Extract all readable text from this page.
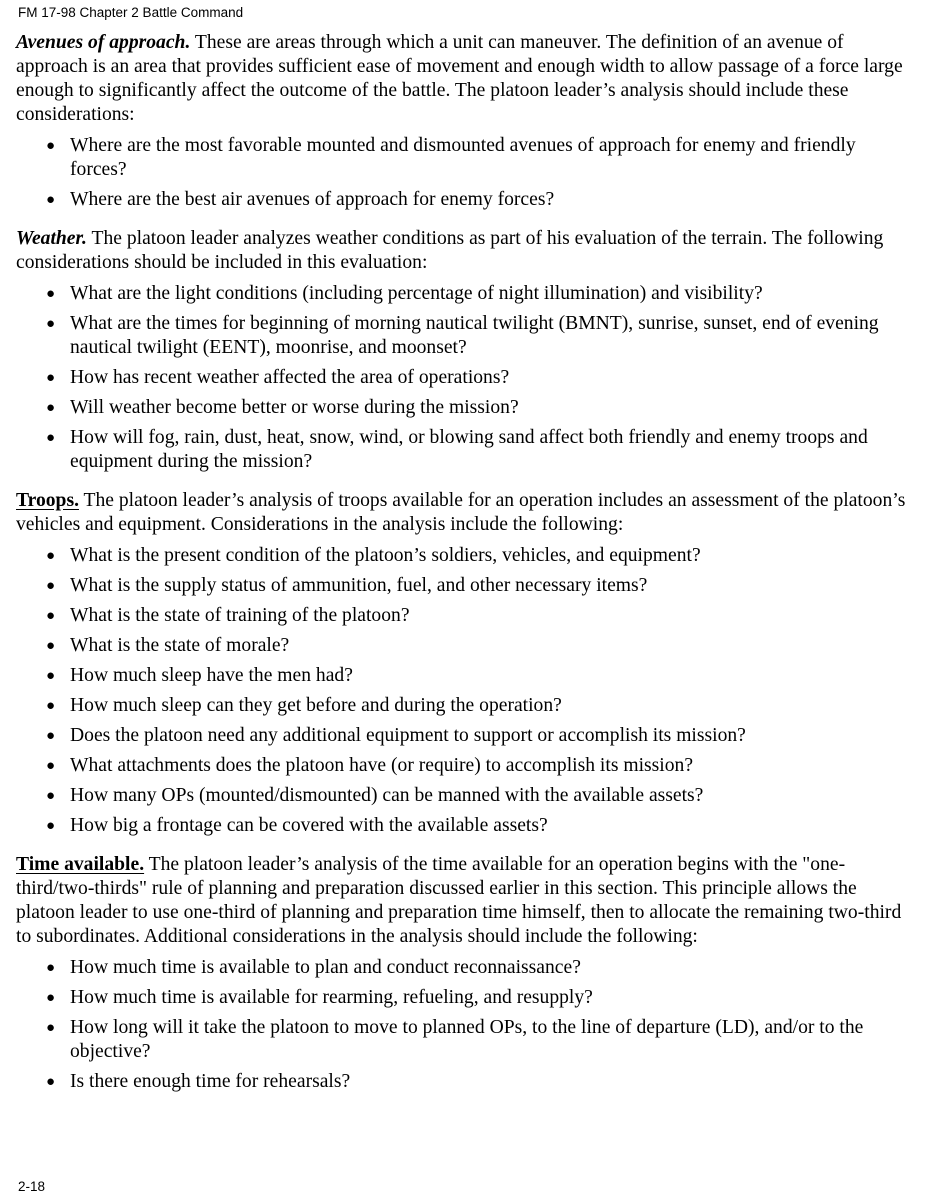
FM 17-98 Chapter 2 Battle Command

Avenues of approach. These are areas through which a unit can maneuver. The definition of an avenue of approach is an area that provides sufficient ease of movement and enough width to allow passage of a force large enough to significantly affect the outcome of the battle. The platoon leader’s analysis should include these considerations:

● Where are the most favorable mounted and dismounted avenues of approach for enemy and friendly forces?
● Where are the best air avenues of approach for enemy forces?

Weather. The platoon leader analyzes weather conditions as part of his evaluation of the terrain. The following considerations should be included in this evaluation:

● What are the light conditions (including percentage of night illumination) and visibility?
● What are the times for beginning of morning nautical twilight (BMNT), sunrise, sunset, end of evening nautical twilight (EENT), moonrise, and moonset?
● How has recent weather affected the area of operations?
● Will weather become better or worse during the mission?
● How will fog, rain, dust, heat, snow, wind, or blowing sand affect both friendly and enemy troops and equipment during the mission?

Troops. The platoon leader’s analysis of troops available for an operation includes an assessment of the platoon’s vehicles and equipment. Considerations in the analysis include the following:

● What is the present condition of the platoon’s soldiers, vehicles, and equipment?
● What is the supply status of ammunition, fuel, and other necessary items?
● What is the state of training of the platoon?
● What is the state of morale?
● How much sleep have the men had?
● How much sleep can they get before and during the operation?
● Does the platoon need any additional equipment to support or accomplish its mission?
● What attachments does the platoon have (or require) to accomplish its mission?
● How many OPs (mounted/dismounted) can be manned with the available assets?
● How big a frontage can be covered with the available assets?

Time available. The platoon leader’s analysis of the time available for an operation begins with the "one-third/two-thirds" rule of planning and preparation discussed earlier in this section. This principle allows the platoon leader to use one-third of planning and preparation time himself, then to allocate the remaining two-third to subordinates. Additional considerations in the analysis should include the following:

● How much time is available to plan and conduct reconnaissance?
● How much time is available for rearming, refueling, and resupply?
● How long will it take the platoon to move to planned OPs, to the line of departure (LD), and/or to the objective?
● Is there enough time for rehearsals?
2-18
